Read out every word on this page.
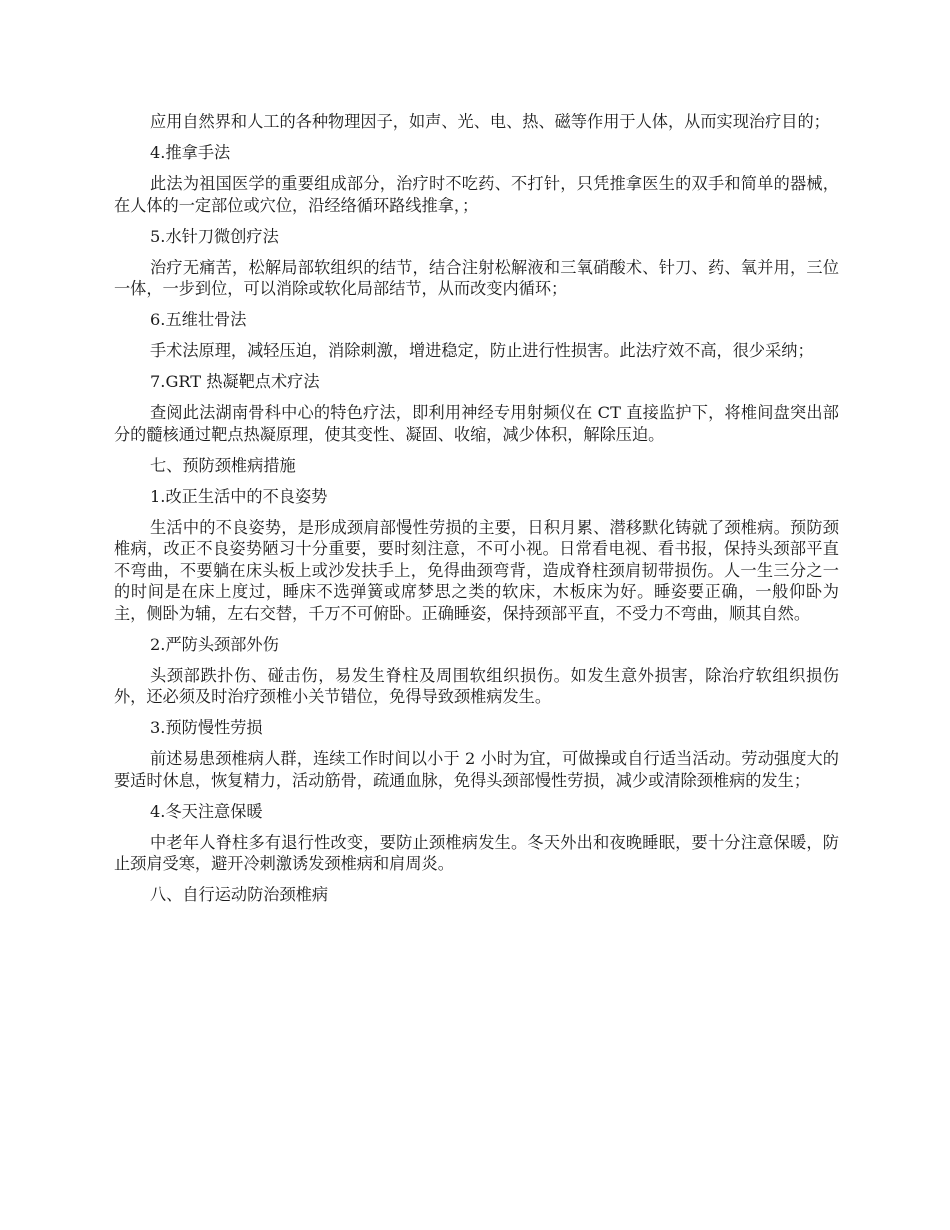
应用自然界和人工的各种物理因子，如声、光、电、热、磁等作用于人体，从而实现治疗目的；

4.推拿手法

此法为祖国医学的重要组成部分，治疗时不吃药、不打针，只凭推拿医生的双手和简单的器械，在人体的一定部位或穴位，沿经络循环路线推拿，；

5.水针刀微创疗法

治疗无痛苦，松解局部软组织的结节，结合注射松解液和三氧硝酸术、针刀、药、氧并用，三位一体，一步到位，可以消除或软化局部结节，从而改变内循环；

6.五维壮骨法

手术法原理，减轻压迫，消除刺激，增进稳定，防止进行性损害。此法疗效不高，很少采纳；

7.GRT 热凝靶点术疗法

查阅此法湖南骨科中心的特色疗法，即利用神经专用射频仪在 CT 直接监护下，将椎间盘突出部分的髓核通过靶点热凝原理，使其变性、凝固、收缩，减少体积，解除压迫。

七、预防颈椎病措施

1.改正生活中的不良姿势

生活中的不良姿势，是形成颈肩部慢性劳损的主要，日积月累、潜移默化铸就了颈椎病。预防颈椎病，改正不良姿势陋习十分重要，要时刻注意，不可小视。日常看电视、看书报，保持头颈部平直不弯曲，不要躺在床头板上或沙发扶手上，免得曲颈弯背，造成脊柱颈肩韧带损伤。人一生三分之一的时间是在床上度过，睡床不选弹簧或席梦思之类的软床，木板床为好。睡姿要正确，一般仰卧为主，侧卧为辅，左右交替，千万不可俯卧。正确睡姿，保持颈部平直，不受力不弯曲，顺其自然。

2.严防头颈部外伤

头颈部跌扑伤、碰击伤，易发生脊柱及周围软组织损伤。如发生意外损害，除治疗软组织损伤外，还必须及时治疗颈椎小关节错位，免得导致颈椎病发生。

3.预防慢性劳损

前述易患颈椎病人群，连续工作时间以小于 2 小时为宜，可做操或自行适当活动。劳动强度大的要适时休息，恢复精力，活动筋骨，疏通血脉，免得头颈部慢性劳损，减少或清除颈椎病的发生；

4.冬天注意保暖

中老年人脊柱多有退行性改变，要防止颈椎病发生。冬天外出和夜晚睡眠，要十分注意保暖，防止颈肩受寒，避开冷刺激诱发颈椎病和肩周炎。

八、自行运动防治颈椎病
